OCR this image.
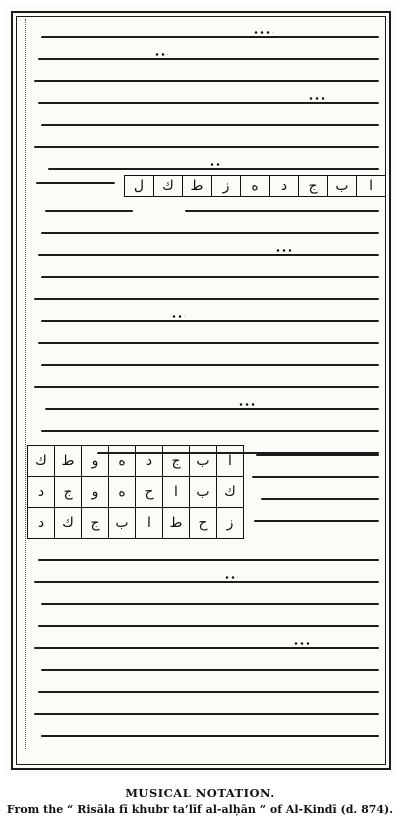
ا
ب
ج
د
ه
ز
ط
ك
ل
ا	ب	ج	د	ه	و	ط	ك
ك	ب	ا	ح	ه	و	ج	د
ز	ح	ط	ا	ب	ج	ك	د
MUSICAL NOTATION.
From the “ Risāla fī khubr ta’līf al-alḥān ” of Al-Kindī (d. 874).
